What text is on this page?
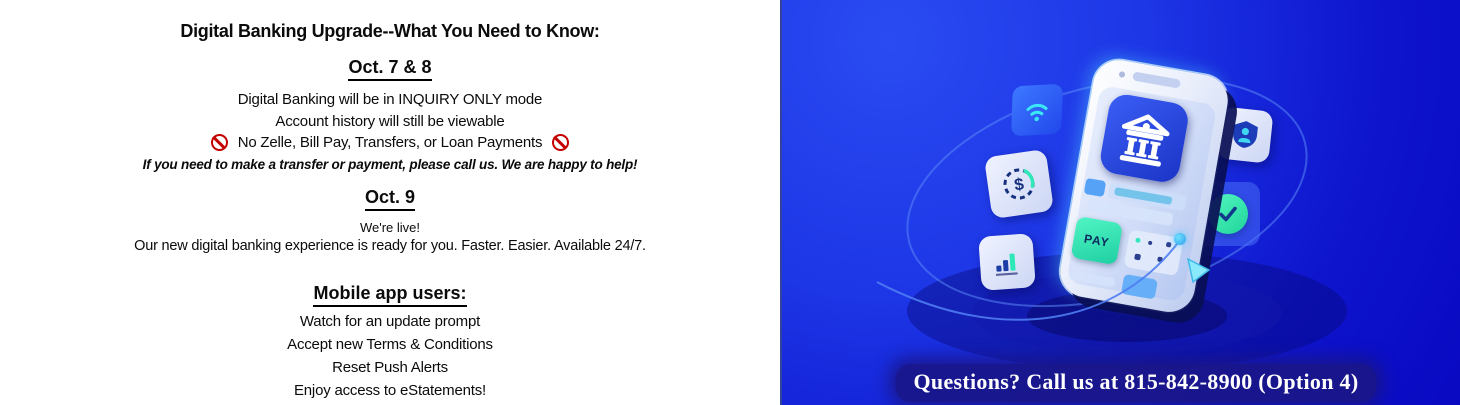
Digital Banking Upgrade--What You Need to Know:
Oct. 7 & 8
Digital Banking will be in INQUIRY ONLY mode
Account history will still be viewable
No Zelle, Bill Pay, Transfers, or Loan Payments
If you need to make a transfer or payment, please call us. We are happy to help!
Oct. 9
We're live!
Our new digital banking experience is ready for you. Faster. Easier. Available 24/7.
Mobile app users:
Watch for an update prompt
Accept new Terms & Conditions
Reset Push Alerts
Enjoy access to eStatements!
$
PAY
Questions? Call us at 815-842-8900 (Option 4)
